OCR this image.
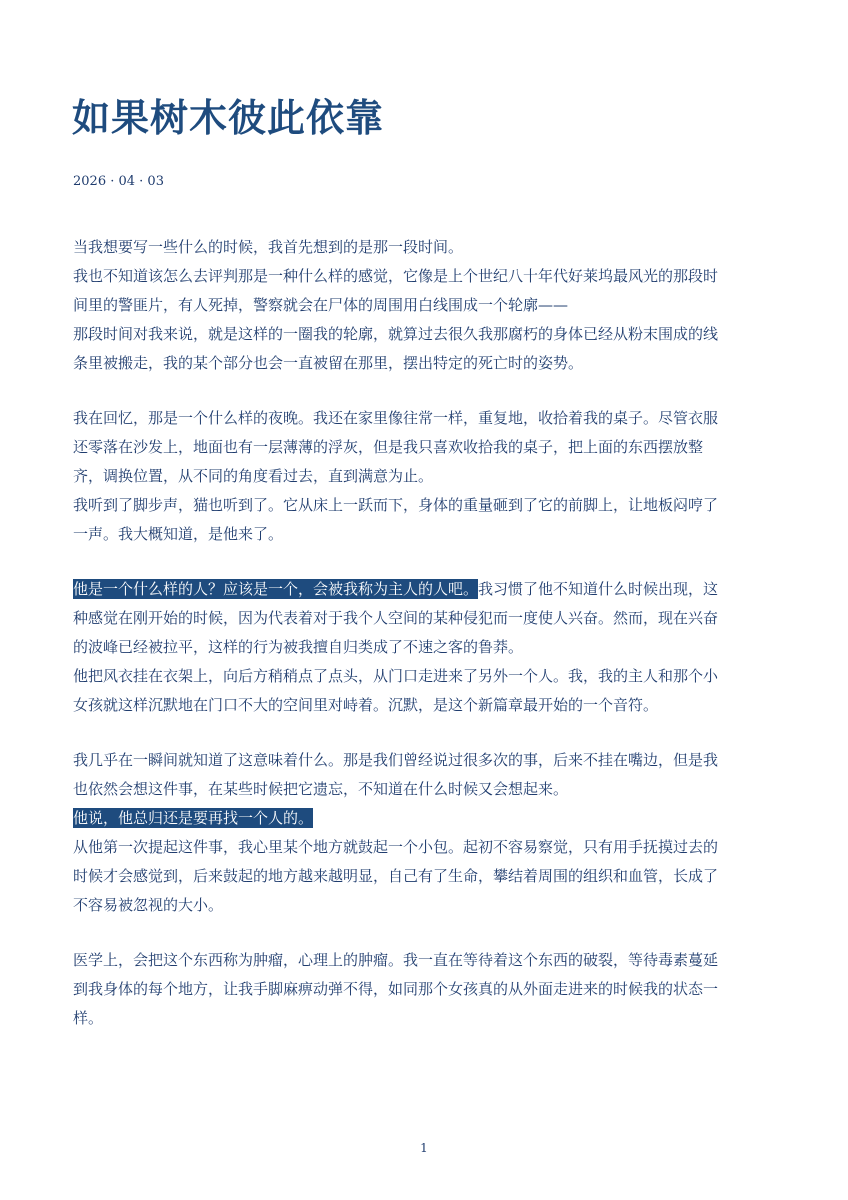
如果树木彼此依靠
2026 · 04 · 03

当我想要写一些什么的时候，我首先想到的是那一段时间。
我也不知道该怎么去评判那是一种什么样的感觉，它像是上个世纪八十年代好莱坞最风光的那段时
间里的警匪片，有人死掉，警察就会在尸体的周围用白线围成一个轮廓——
那段时间对我来说，就是这样的一圈我的轮廓，就算过去很久我那腐朽的身体已经从粉末围成的线
条里被搬走，我的某个部分也会一直被留在那里，摆出特定的死亡时的姿势。

我在回忆，那是一个什么样的夜晚。我还在家里像往常一样，重复地，收拾着我的桌子。尽管衣服
还零落在沙发上，地面也有一层薄薄的浮灰，但是我只喜欢收拾我的桌子，把上面的东西摆放整
齐，调换位置，从不同的角度看过去，直到满意为止。
我听到了脚步声，猫也听到了。它从床上一跃而下，身体的重量砸到了它的前脚上，让地板闷哼了
一声。我大概知道，是他来了。

他是一个什么样的人？应该是一个，会被我称为主人的人吧。我习惯了他不知道什么时候出现，这
种感觉在刚开始的时候，因为代表着对于我个人空间的某种侵犯而一度使人兴奋。然而，现在兴奋
的波峰已经被拉平，这样的行为被我擅自归类成了不速之客的鲁莽。
他把风衣挂在衣架上，向后方稍稍点了点头，从门口走进来了另外一个人。我，我的主人和那个小
女孩就这样沉默地在门口不大的空间里对峙着。沉默，是这个新篇章最开始的一个音符。

我几乎在一瞬间就知道了这意味着什么。那是我们曾经说过很多次的事，后来不挂在嘴边，但是我
也依然会想这件事，在某些时候把它遗忘，不知道在什么时候又会想起来。
他说，他总归还是要再找一个人的。
从他第一次提起这件事，我心里某个地方就鼓起一个小包。起初不容易察觉，只有用手抚摸过去的
时候才会感觉到，后来鼓起的地方越来越明显，自己有了生命，攀结着周围的组织和血管，长成了
不容易被忽视的大小。

医学上，会把这个东西称为肿瘤，心理上的肿瘤。我一直在等待着这个东西的破裂，等待毒素蔓延
到我身体的每个地方，让我手脚麻痹动弹不得，如同那个女孩真的从外面走进来的时候我的状态一
样。

1
